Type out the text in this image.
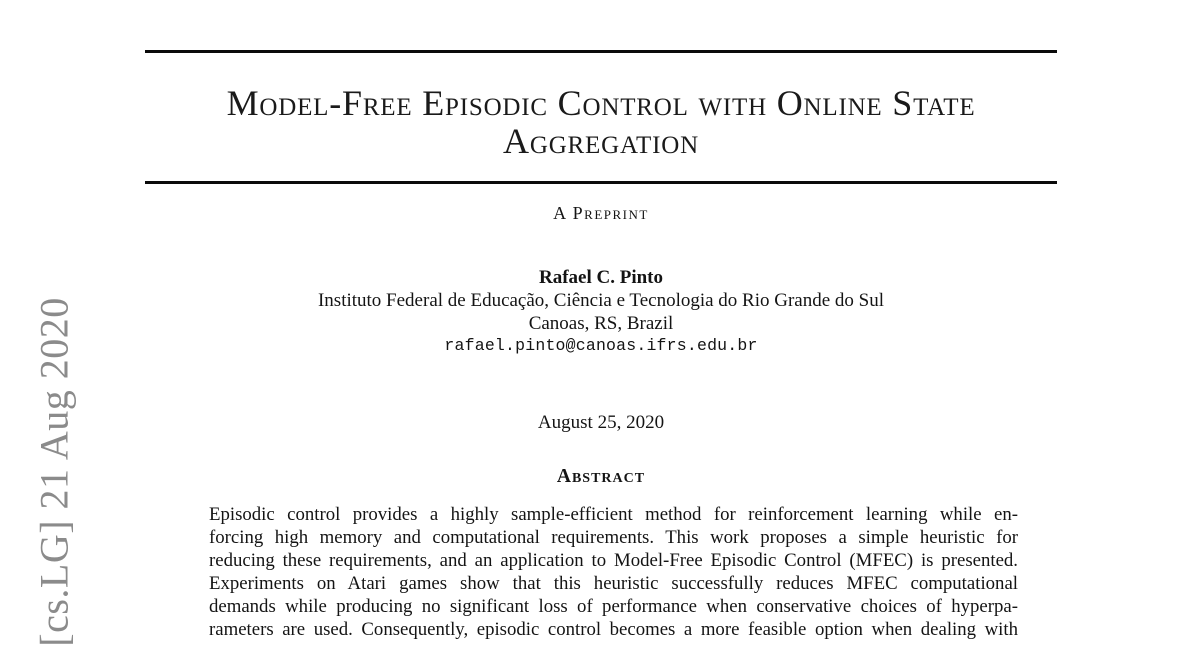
[cs.LG] 21 Aug 2020
Model-Free Episodic Control with Online State
Aggregation
A Preprint
Rafael C. Pinto
Instituto Federal de Educação, Ciência e Tecnologia do Rio Grande do Sul
Canoas, RS, Brazil
rafael.pinto@canoas.ifrs.edu.br
August 25, 2020
Abstract
Episodic control provides a highly sample-efficient method for reinforcement learning while en-
forcing high memory and computational requirements. This work proposes a simple heuristic for
reducing these requirements, and an application to Model-Free Episodic Control (MFEC) is presented.
Experiments on Atari games show that this heuristic successfully reduces MFEC computational
demands while producing no significant loss of performance when conservative choices of hyperpa-
rameters are used. Consequently, episodic control becomes a more feasible option when dealing with
